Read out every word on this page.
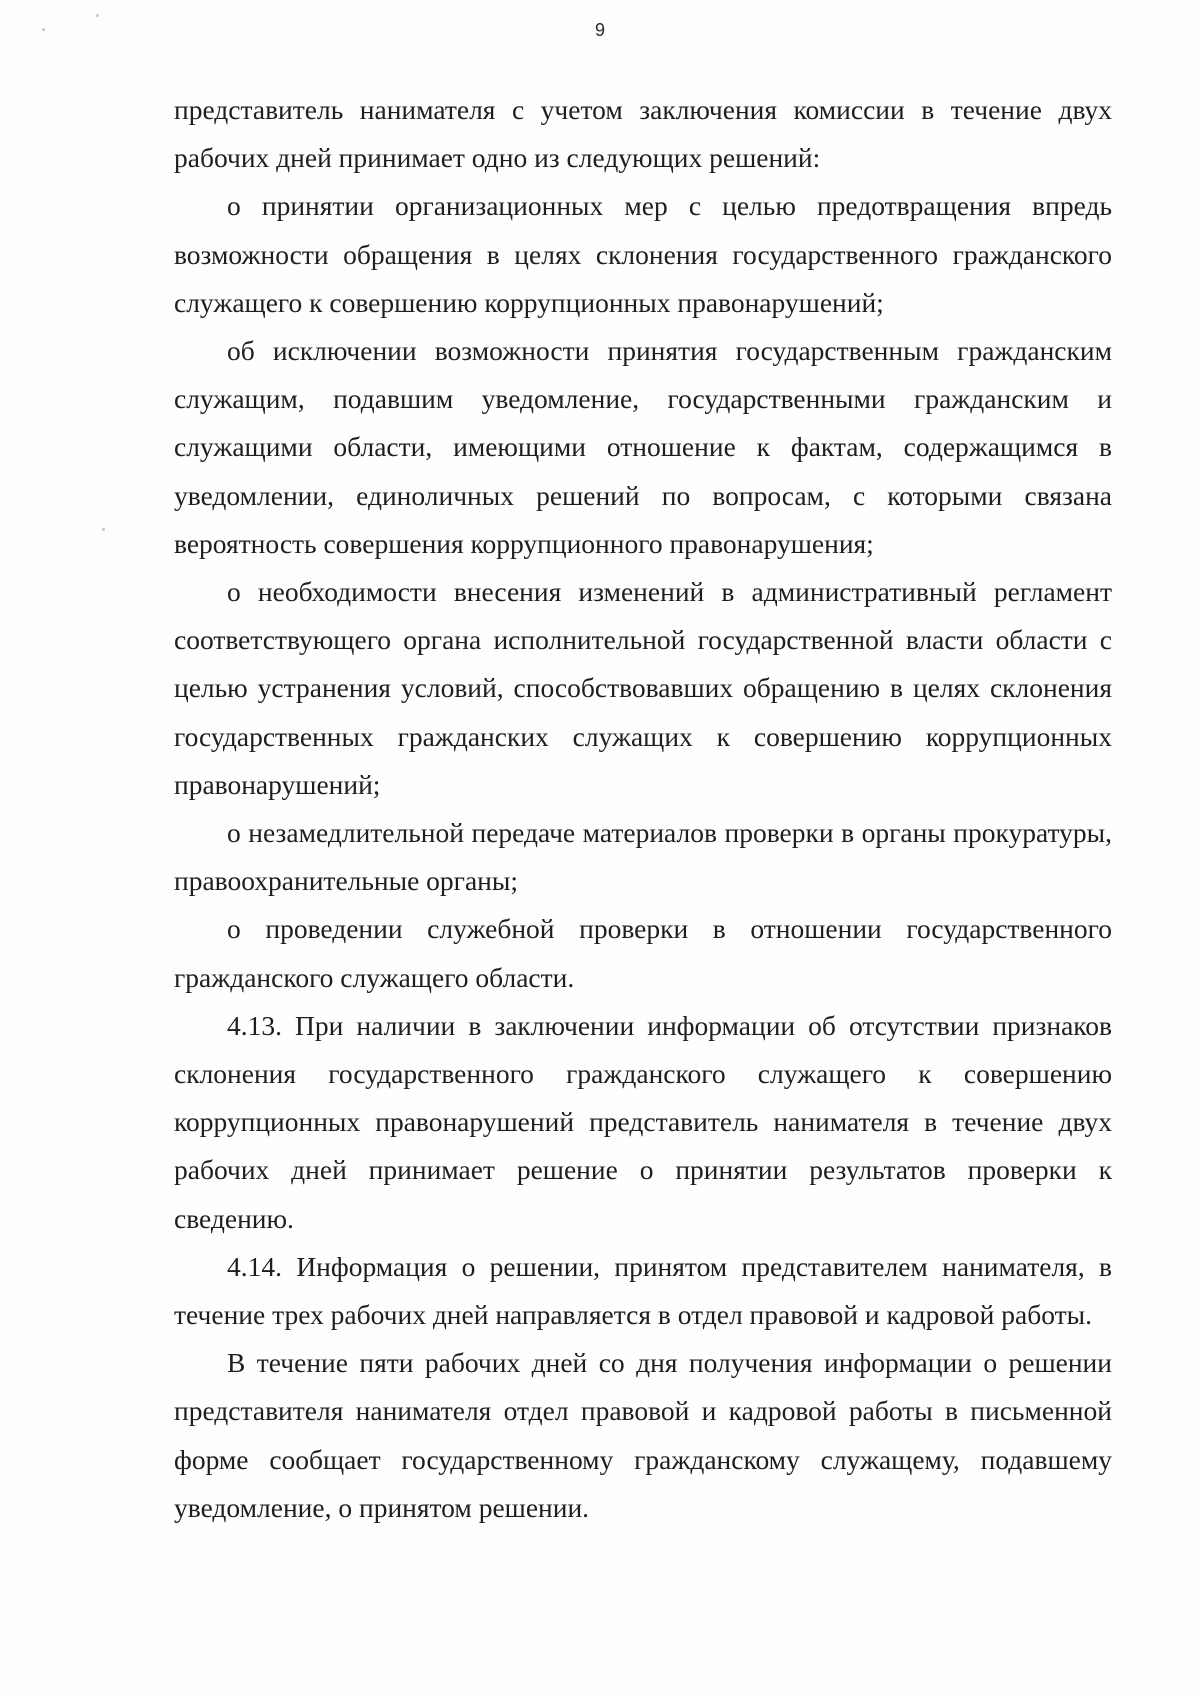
9

представитель нанимателя с учетом заключения комиссии в течение двух рабочих дней принимает одно из следующих решений:

о принятии организационных мер с целью предотвращения впредь возможности обращения в целях склонения государственного гражданского служащего к совершению коррупционных правонарушений;

об исключении возможности принятия государственным гражданским служащим, подавшим уведомление, государственными гражданским и служащими области, имеющими отношение к фактам, содержащимся в уведомлении, единоличных решений по вопросам, с которыми связана вероятность совершения коррупционного правонарушения;

о необходимости внесения изменений в административный регламент соответствующего органа исполнительной государственной власти области с целью устранения условий, способствовавших обращению в целях склонения государственных гражданских служащих к совершению коррупционных правонарушений;

о незамедлительной передаче материалов проверки в органы прокуратуры, правоохранительные органы;

о проведении служебной проверки в отношении государственного гражданского служащего области.

4.13. При наличии в заключении информации об отсутствии признаков склонения государственного гражданского служащего к совершению коррупционных правонарушений представитель нанимателя в течение двух рабочих дней принимает решение о принятии результатов проверки к сведению.

4.14. Информация о решении, принятом представителем нанимателя, в течение трех рабочих дней направляется в отдел правовой и кадровой работы.

В течение пяти рабочих дней со дня получения информации о решении представителя нанимателя отдел правовой и кадровой работы в письменной форме сообщает государственному гражданскому служащему, подавшему уведомление, о принятом решении.
